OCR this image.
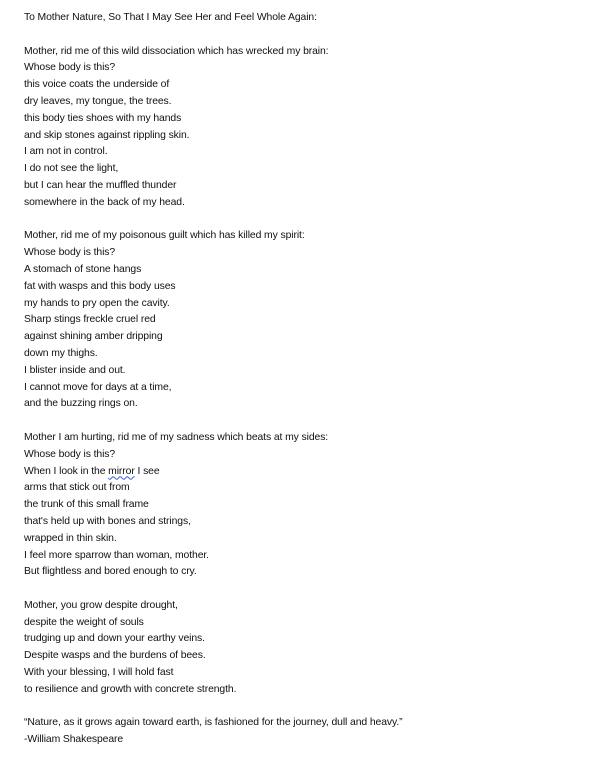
To Mother Nature, So That I May See Her and Feel Whole Again:
Mother, rid me of this wild dissociation which has wrecked my brain:
Whose body is this?
this voice coats the underside of
dry leaves, my tongue, the trees.
this body ties shoes with my hands
and skip stones against rippling skin.
I am not in control.
I do not see the light,
but I can hear the muffled thunder
somewhere in the back of my head.
Mother, rid me of my poisonous guilt which has killed my spirit:
Whose body is this?
A stomach of stone hangs
fat with wasps and this body uses
my hands to pry open the cavity.
Sharp stings freckle cruel red
against shining amber dripping
down my thighs.
I blister inside and out.
I cannot move for days at a time,
and the buzzing rings on.
Mother I am hurting, rid me of my sadness which beats at my sides:
Whose body is this?
When I look in the mirror I see
arms that stick out from
the trunk of this small frame
that's held up with bones and strings,
wrapped in thin skin.
I feel more sparrow than woman, mother.
But flightless and bored enough to cry.
Mother, you grow despite drought,
despite the weight of souls
trudging up and down your earthy veins.
Despite wasps and the burdens of bees.
With your blessing, I will hold fast
to resilience and growth with concrete strength.
“Nature, as it grows again toward earth, is fashioned for the journey, dull and heavy.”
-William Shakespeare
